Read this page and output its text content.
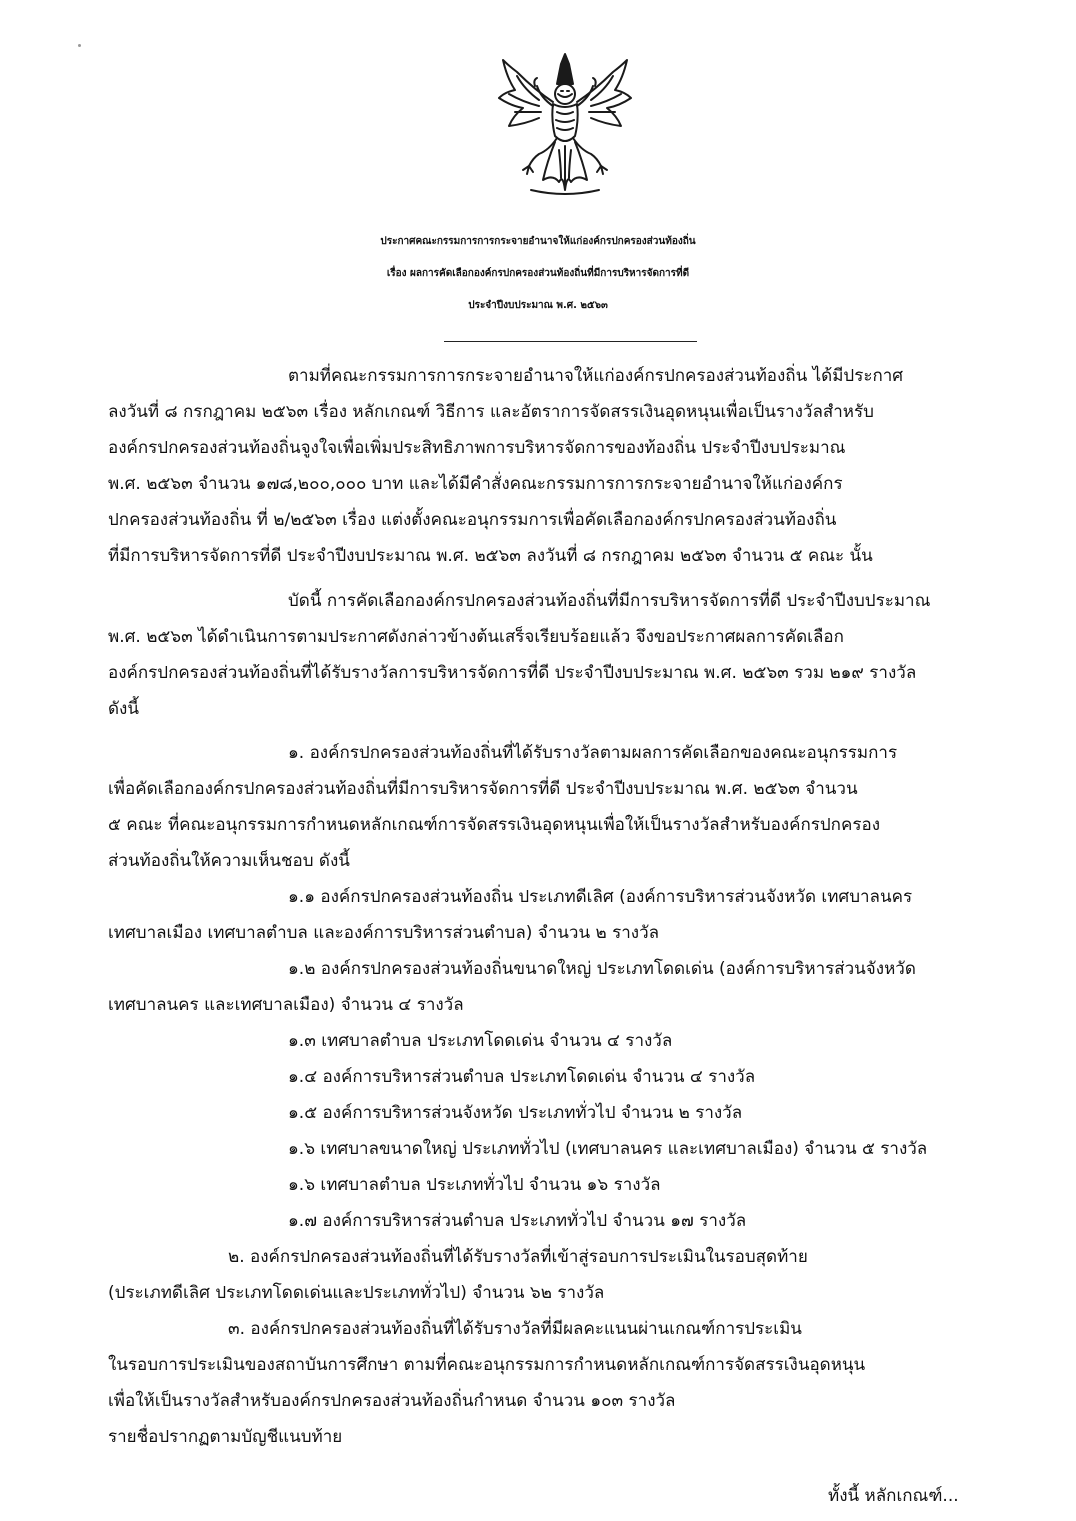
ประกาศคณะกรรมการการกระจายอำนาจให้แก่องค์กรปกครองส่วนท้องถิ่น
เรื่อง ผลการคัดเลือกองค์กรปกครองส่วนท้องถิ่นที่มีการบริหารจัดการที่ดี
ประจำปีงบประมาณ พ.ศ. ๒๕๖๓
ตามที่คณะกรรมการการกระจายอำนาจให้แก่องค์กรปกครองส่วนท้องถิ่น ได้มีประกาศ
ลงวันที่ ๘ กรกฎาคม ๒๕๖๓ เรื่อง หลักเกณฑ์ วิธีการ และอัตราการจัดสรรเงินอุดหนุนเพื่อเป็นรางวัลสำหรับ
องค์กรปกครองส่วนท้องถิ่นจูงใจเพื่อเพิ่มประสิทธิภาพการบริหารจัดการของท้องถิ่น ประจำปีงบประมาณ
พ.ศ. ๒๕๖๓ จำนวน ๑๗๘,๒๐๐,๐๐๐ บาท และได้มีคำสั่งคณะกรรมการการกระจายอำนาจให้แก่องค์กร
ปกครองส่วนท้องถิ่น ที่ ๒/๒๕๖๓ เรื่อง แต่งตั้งคณะอนุกรรมการเพื่อคัดเลือกองค์กรปกครองส่วนท้องถิ่น
ที่มีการบริหารจัดการที่ดี ประจำปีงบประมาณ พ.ศ. ๒๕๖๓ ลงวันที่ ๘ กรกฎาคม ๒๕๖๓ จำนวน ๕ คณะ นั้น
บัดนี้ การคัดเลือกองค์กรปกครองส่วนท้องถิ่นที่มีการบริหารจัดการที่ดี ประจำปีงบประมาณ
พ.ศ. ๒๕๖๓ ได้ดำเนินการตามประกาศดังกล่าวข้างต้นเสร็จเรียบร้อยแล้ว จึงขอประกาศผลการคัดเลือก
องค์กรปกครองส่วนท้องถิ่นที่ได้รับรางวัลการบริหารจัดการที่ดี ประจำปีงบประมาณ พ.ศ. ๒๕๖๓ รวม ๒๑๙ รางวัล
ดังนี้
๑. องค์กรปกครองส่วนท้องถิ่นที่ได้รับรางวัลตามผลการคัดเลือกของคณะอนุกรรมการ
เพื่อคัดเลือกองค์กรปกครองส่วนท้องถิ่นที่มีการบริหารจัดการที่ดี ประจำปีงบประมาณ พ.ศ. ๒๕๖๓ จำนวน
๕ คณะ ที่คณะอนุกรรมการกำหนดหลักเกณฑ์การจัดสรรเงินอุดหนุนเพื่อให้เป็นรางวัลสำหรับองค์กรปกครอง
ส่วนท้องถิ่นให้ความเห็นชอบ ดังนี้
๑.๑ องค์กรปกครองส่วนท้องถิ่น ประเภทดีเลิศ (องค์การบริหารส่วนจังหวัด เทศบาลนคร
เทศบาลเมือง เทศบาลตำบล และองค์การบริหารส่วนตำบล) จำนวน ๒ รางวัล
๑.๒ องค์กรปกครองส่วนท้องถิ่นขนาดใหญ่ ประเภทโดดเด่น (องค์การบริหารส่วนจังหวัด
เทศบาลนคร และเทศบาลเมือง) จำนวน ๔ รางวัล
๑.๓ เทศบาลตำบล ประเภทโดดเด่น จำนวน ๔ รางวัล
๑.๔ องค์การบริหารส่วนตำบล ประเภทโดดเด่น จำนวน ๔ รางวัล
๑.๕ องค์การบริหารส่วนจังหวัด ประเภททั่วไป จำนวน ๒ รางวัล
๑.๖ เทศบาลขนาดใหญ่ ประเภททั่วไป (เทศบาลนคร และเทศบาลเมือง) จำนวน ๕ รางวัล
๑.๖ เทศบาลตำบล ประเภททั่วไป จำนวน ๑๖ รางวัล
๑.๗ องค์การบริหารส่วนตำบล ประเภททั่วไป จำนวน ๑๗ รางวัล
๒. องค์กรปกครองส่วนท้องถิ่นที่ได้รับรางวัลที่เข้าสู่รอบการประเมินในรอบสุดท้าย
(ประเภทดีเลิศ ประเภทโดดเด่นและประเภททั่วไป) จำนวน ๖๒ รางวัล
๓. องค์กรปกครองส่วนท้องถิ่นที่ได้รับรางวัลที่มีผลคะแนนผ่านเกณฑ์การประเมิน
ในรอบการประเมินของสถาบันการศึกษา ตามที่คณะอนุกรรมการกำหนดหลักเกณฑ์การจัดสรรเงินอุดหนุน
เพื่อให้เป็นรางวัลสำหรับองค์กรปกครองส่วนท้องถิ่นกำหนด จำนวน ๑๐๓ รางวัล
รายชื่อปรากฏตามบัญชีแนบท้าย
ทั้งนี้ หลักเกณฑ์...
